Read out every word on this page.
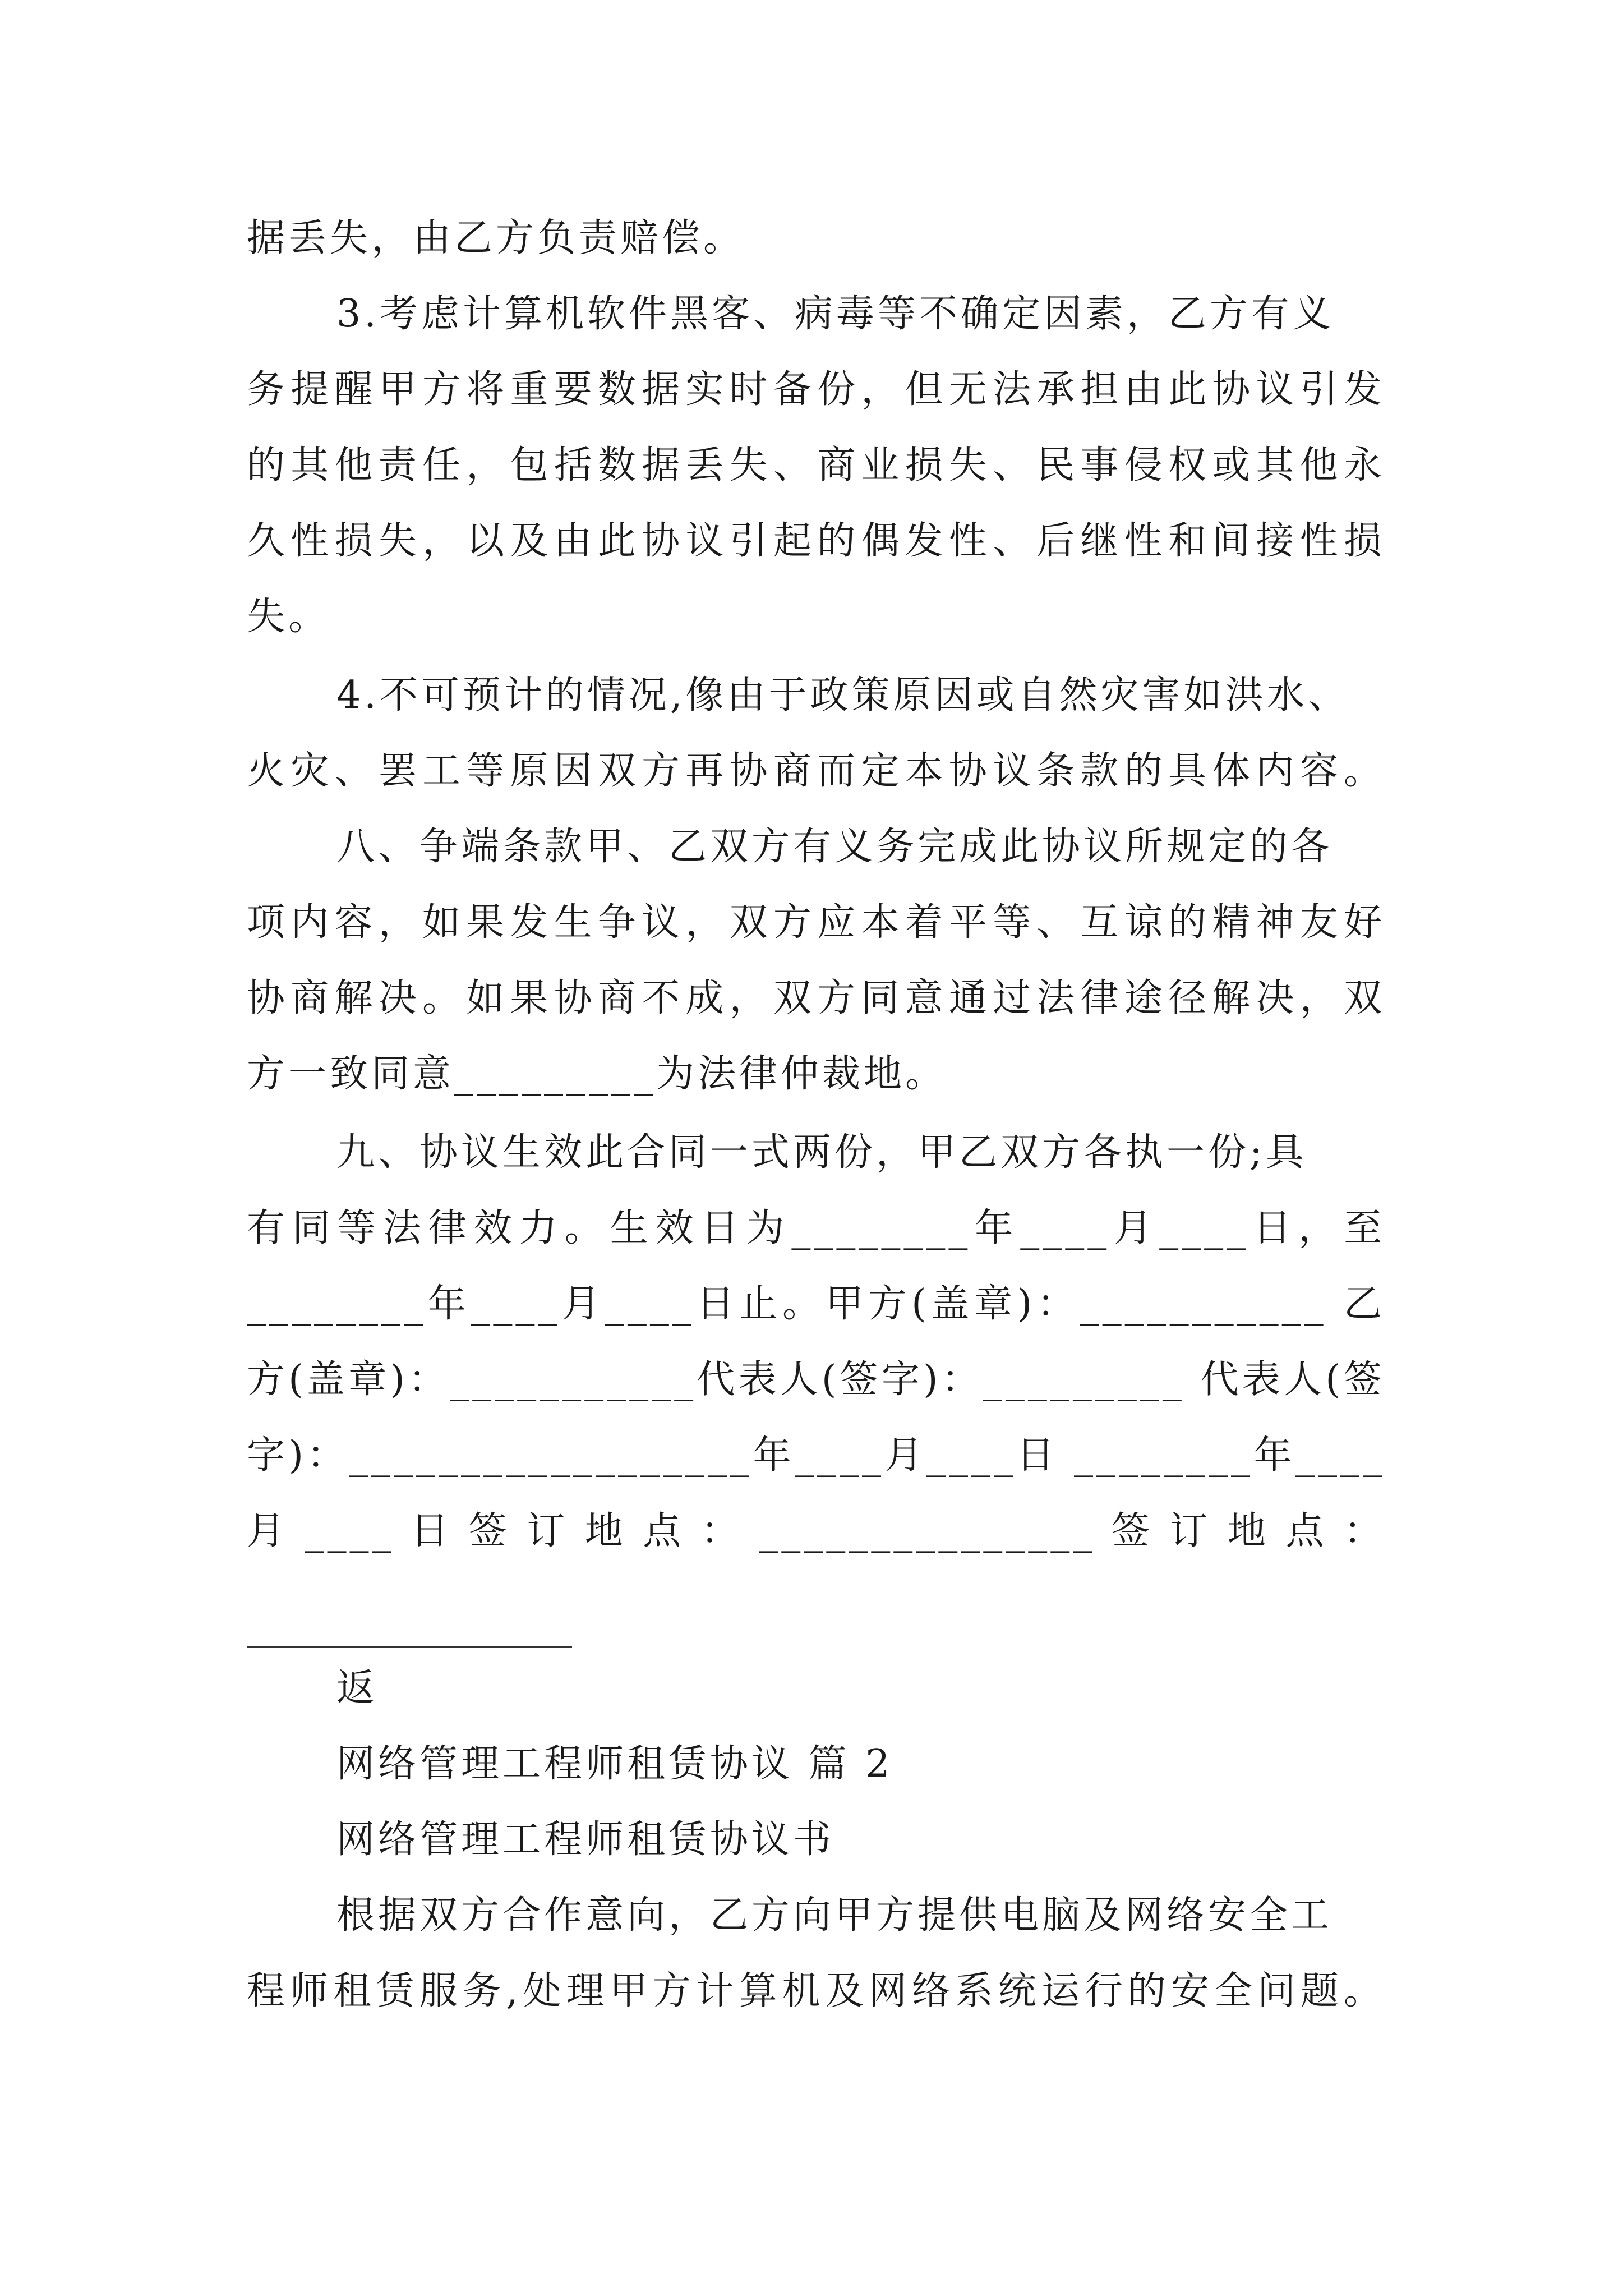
据丢失，由乙方负责赔偿。
3.考虑计算机软件黑客、病毒等不确定因素，乙方有义
务提醒甲方将重要数据实时备份，但无法承担由此协议引发
的其他责任，包括数据丢失、商业损失、民事侵权或其他永
久性损失，以及由此协议引起的偶发性、后继性和间接性损
失。
4.不可预计的情况,像由于政策原因或自然灾害如洪水、
火灾、罢工等原因双方再协商而定本协议条款的具体内容。
八、争端条款甲、乙双方有义务完成此协议所规定的各
项内容，如果发生争议，双方应本着平等、互谅的精神友好
协商解决。如果协商不成，双方同意通过法律途径解决，双
方一致同意_________为法律仲裁地。
九、协议生效此合同一式两份，甲乙双方各执一份;具
有同等法律效力。生效日为________年____月____日，至
________年____月____日止。甲方(盖章)：___________ 乙
方(盖章)：___________代表人(签字)：_________ 代表人(签
字)：__________________年____月____日 ________年____
月 ____ 日 签 订 地 点 ： _______________ 签 订 地 点 ：
返
网络管理工程师租赁协议 篇 2
网络管理工程师租赁协议书
根据双方合作意向，乙方向甲方提供电脑及网络安全工
程师租赁服务,处理甲方计算机及网络系统运行的安全问题。
